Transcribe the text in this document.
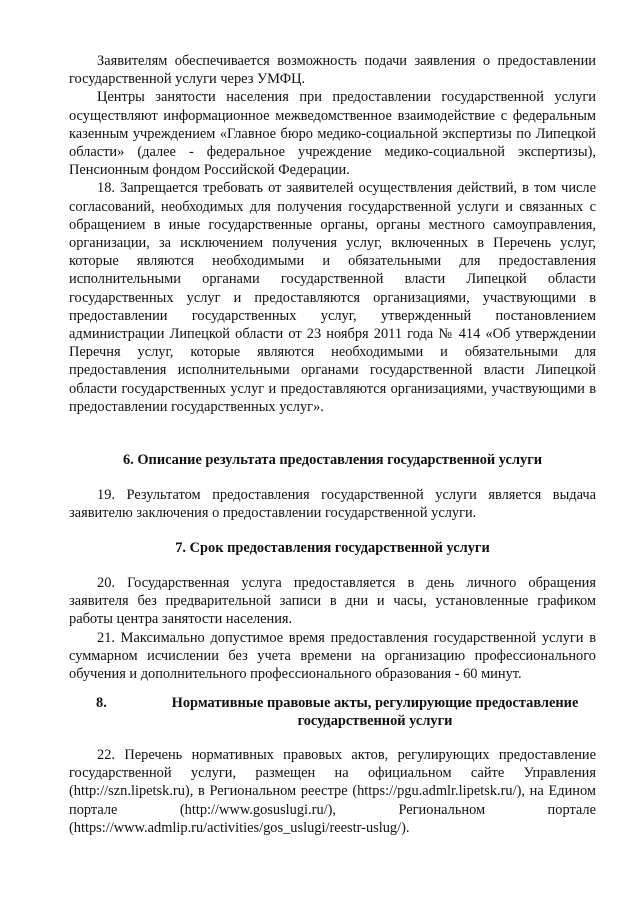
Заявителям обеспечивается возможность подачи заявления о предоставлении государственной услуги через УМФЦ.

Центры занятости населения при предоставлении государственной услуги осуществляют информационное межведомственное взаимодействие с федеральным казенным учреждением «Главное бюро медико-социальной экспертизы по Липецкой области» (далее - федеральное учреждение медико-социальной экспертизы), Пенсионным фондом Российской Федерации.

18. Запрещается требовать от заявителей осуществления действий, в том числе согласований, необходимых для получения государственной услуги и связанных с обращением в иные государственные органы, органы местного самоуправления, организации, за исключением получения услуг, включенных в Перечень услуг, которые являются необходимыми и обязательными для предоставления исполнительными органами государственной власти Липецкой области государственных услуг и предоставляются организациями, участвующими в предоставлении государственных услуг, утвержденный постановлением администрации Липецкой области от 23 ноября 2011 года № 414 «Об утверждении Перечня услуг, которые являются необходимыми и обязательными для предоставления исполнительными органами государственной власти Липецкой области государственных услуг и предоставляются организациями, участвующими в предоставлении государственных услуг».

6. Описание результата предоставления государственной услуги

19. Результатом предоставления государственной услуги является выдача заявителю заключения о предоставлении государственной услуги.

7. Срок предоставления государственной услуги

20. Государственная услуга предоставляется в день личного обращения заявителя без предварительной записи в дни и часы, установленные графиком работы центра занятости населения.

21. Максимально допустимое время предоставления государственной услуги в суммарном исчислении без учета времени на организацию профессионального обучения и дополнительного профессионального образования - 60 минут.

8.	Нормативные правовые акты, регулирующие предоставление
государственной услуги

22. Перечень нормативных правовых актов, регулирующих предоставление государственной услуги, размещен на официальном сайте Управления (http://szn.lipetsk.ru), в Региональном реестре (https://pgu.admlr.lipetsk.ru/), на Едином портале (http://www.gosuslugi.ru/), Региональном портале (https://www.admlip.ru/activities/gos_uslugi/reestr-uslug/).
